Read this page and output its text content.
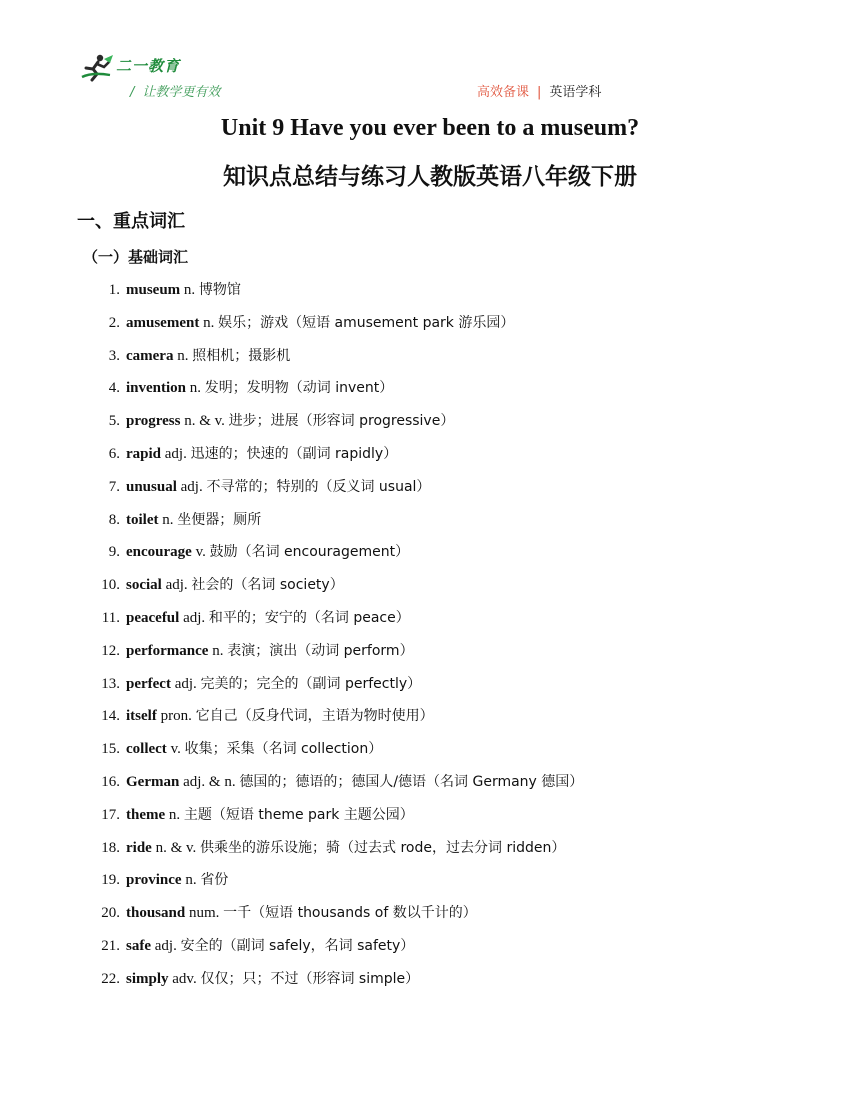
二一教育
/ 让教学更有效	高效备课 | 英语学科
Unit 9 Have you ever been to a museum?
知识点总结与练习人教版英语八年级下册
一、重点词汇
（一）基础词汇
1. museum n. 博物馆
2. amusement n. 娱乐；游戏（短语 amusement park 游乐园）
3. camera n. 照相机；摄影机
4. invention n. 发明；发明物（动词 invent）
5. progress n. & v. 进步；进展（形容词 progressive）
6. rapid adj. 迅速的；快速的（副词 rapidly）
7. unusual adj. 不寻常的；特别的（反义词 usual）
8. toilet n. 坐便器；厕所
9. encourage v. 鼓励（名词 encouragement）
10. social adj. 社会的（名词 society）
11. peaceful adj. 和平的；安宁的（名词 peace）
12. performance n. 表演；演出（动词 perform）
13. perfect adj. 完美的；完全的（副词 perfectly）
14. itself pron. 它自己（反身代词，主语为物时使用）
15. collect v. 收集；采集（名词 collection）
16. German adj. & n. 德国的；德语的；德国人/德语（名词 Germany 德国）
17. theme n. 主题（短语 theme park 主题公园）
18. ride n. & v. 供乘坐的游乐设施；骑（过去式 rode，过去分词 ridden）
19. province n. 省份
20. thousand num. 一千（短语 thousands of 数以千计的）
21. safe adj. 安全的（副词 safely，名词 safety）
22. simply adv. 仅仅；只；不过（形容词 simple）
